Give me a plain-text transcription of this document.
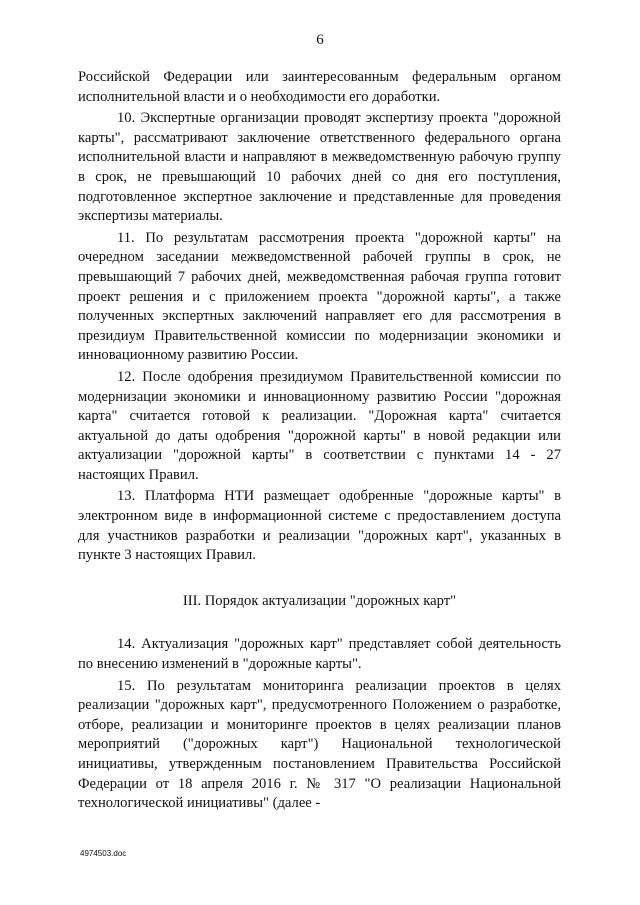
6

Российской Федерации или заинтересованным федеральным органом исполнительной власти и о необходимости его доработки.

10. Экспертные организации проводят экспертизу проекта "дорожной карты", рассматривают заключение ответственного федерального органа исполнительной власти и направляют в межведомственную рабочую группу в срок, не превышающий 10 рабочих дней со дня его поступления, подготовленное экспертное заключение и представленные для проведения экспертизы материалы.

11. По результатам рассмотрения проекта "дорожной карты" на очередном заседании межведомственной рабочей группы в срок, не превышающий 7 рабочих дней, межведомственная рабочая группа готовит проект решения и с приложением проекта "дорожной карты", а также полученных экспертных заключений направляет его для рассмотрения в президиум Правительственной комиссии по модернизации экономики и инновационному развитию России.

12. После одобрения президиумом Правительственной комиссии по модернизации экономики и инновационному развитию России "дорожная карта" считается готовой к реализации. "Дорожная карта" считается актуальной до даты одобрения "дорожной карты" в новой редакции или актуализации "дорожной карты" в соответствии с пунктами 14 - 27 настоящих Правил.

13. Платформа НТИ размещает одобренные "дорожные карты" в электронном виде в информационной системе с предоставлением доступа для участников разработки и реализации "дорожных карт", указанных в пункте 3 настоящих Правил.

III. Порядок актуализации "дорожных карт"

14. Актуализация "дорожных карт" представляет собой деятельность по внесению изменений в "дорожные карты".

15. По результатам мониторинга реализации проектов в целях реализации "дорожных карт", предусмотренного Положением о разработке, отборе, реализации и мониторинге проектов в целях реализации планов мероприятий ("дорожных карт") Национальной технологической инициативы, утвержденным постановлением Правительства Российской Федерации от 18 апреля 2016 г. № 317 "О реализации Национальной технологической инициативы" (далее -

4974503.doc
